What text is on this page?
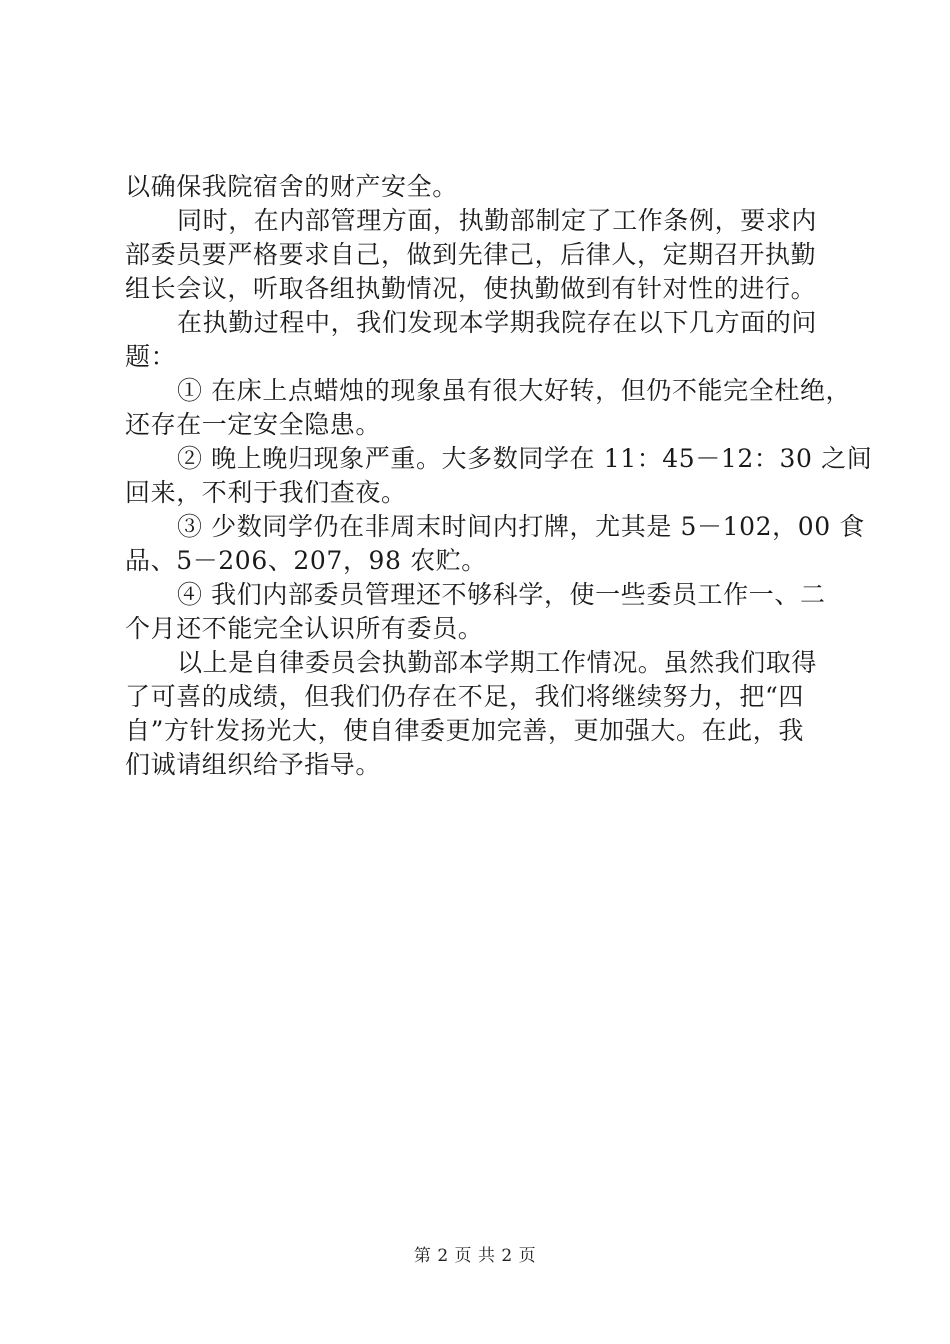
以确保我院宿舍的财产安全。
同时，在内部管理方面，执勤部制定了工作条例，要求内
部委员要严格要求自己，做到先律己，后律人，定期召开执勤
组长会议，听取各组执勤情况，使执勤做到有针对性的进行。
在执勤过程中，我们发现本学期我院存在以下几方面的问
题：
① 在床上点蜡烛的现象虽有很大好转，但仍不能完全杜绝，
还存在一定安全隐患。
② 晚上晚归现象严重。大多数同学在 11：45－12：30 之间
回来，不利于我们查夜。
③ 少数同学仍在非周末时间内打牌，尤其是 5－102，00 食
品、5－206、207，98 农贮。
④ 我们内部委员管理还不够科学，使一些委员工作一、二
个月还不能完全认识所有委员。
以上是自律委员会执勤部本学期工作情况。虽然我们取得
了可喜的成绩，但我们仍存在不足，我们将继续努力，把“四
自”方针发扬光大，使自律委更加完善，更加强大。在此，我
们诚请组织给予指导。
第 2 页 共 2 页
